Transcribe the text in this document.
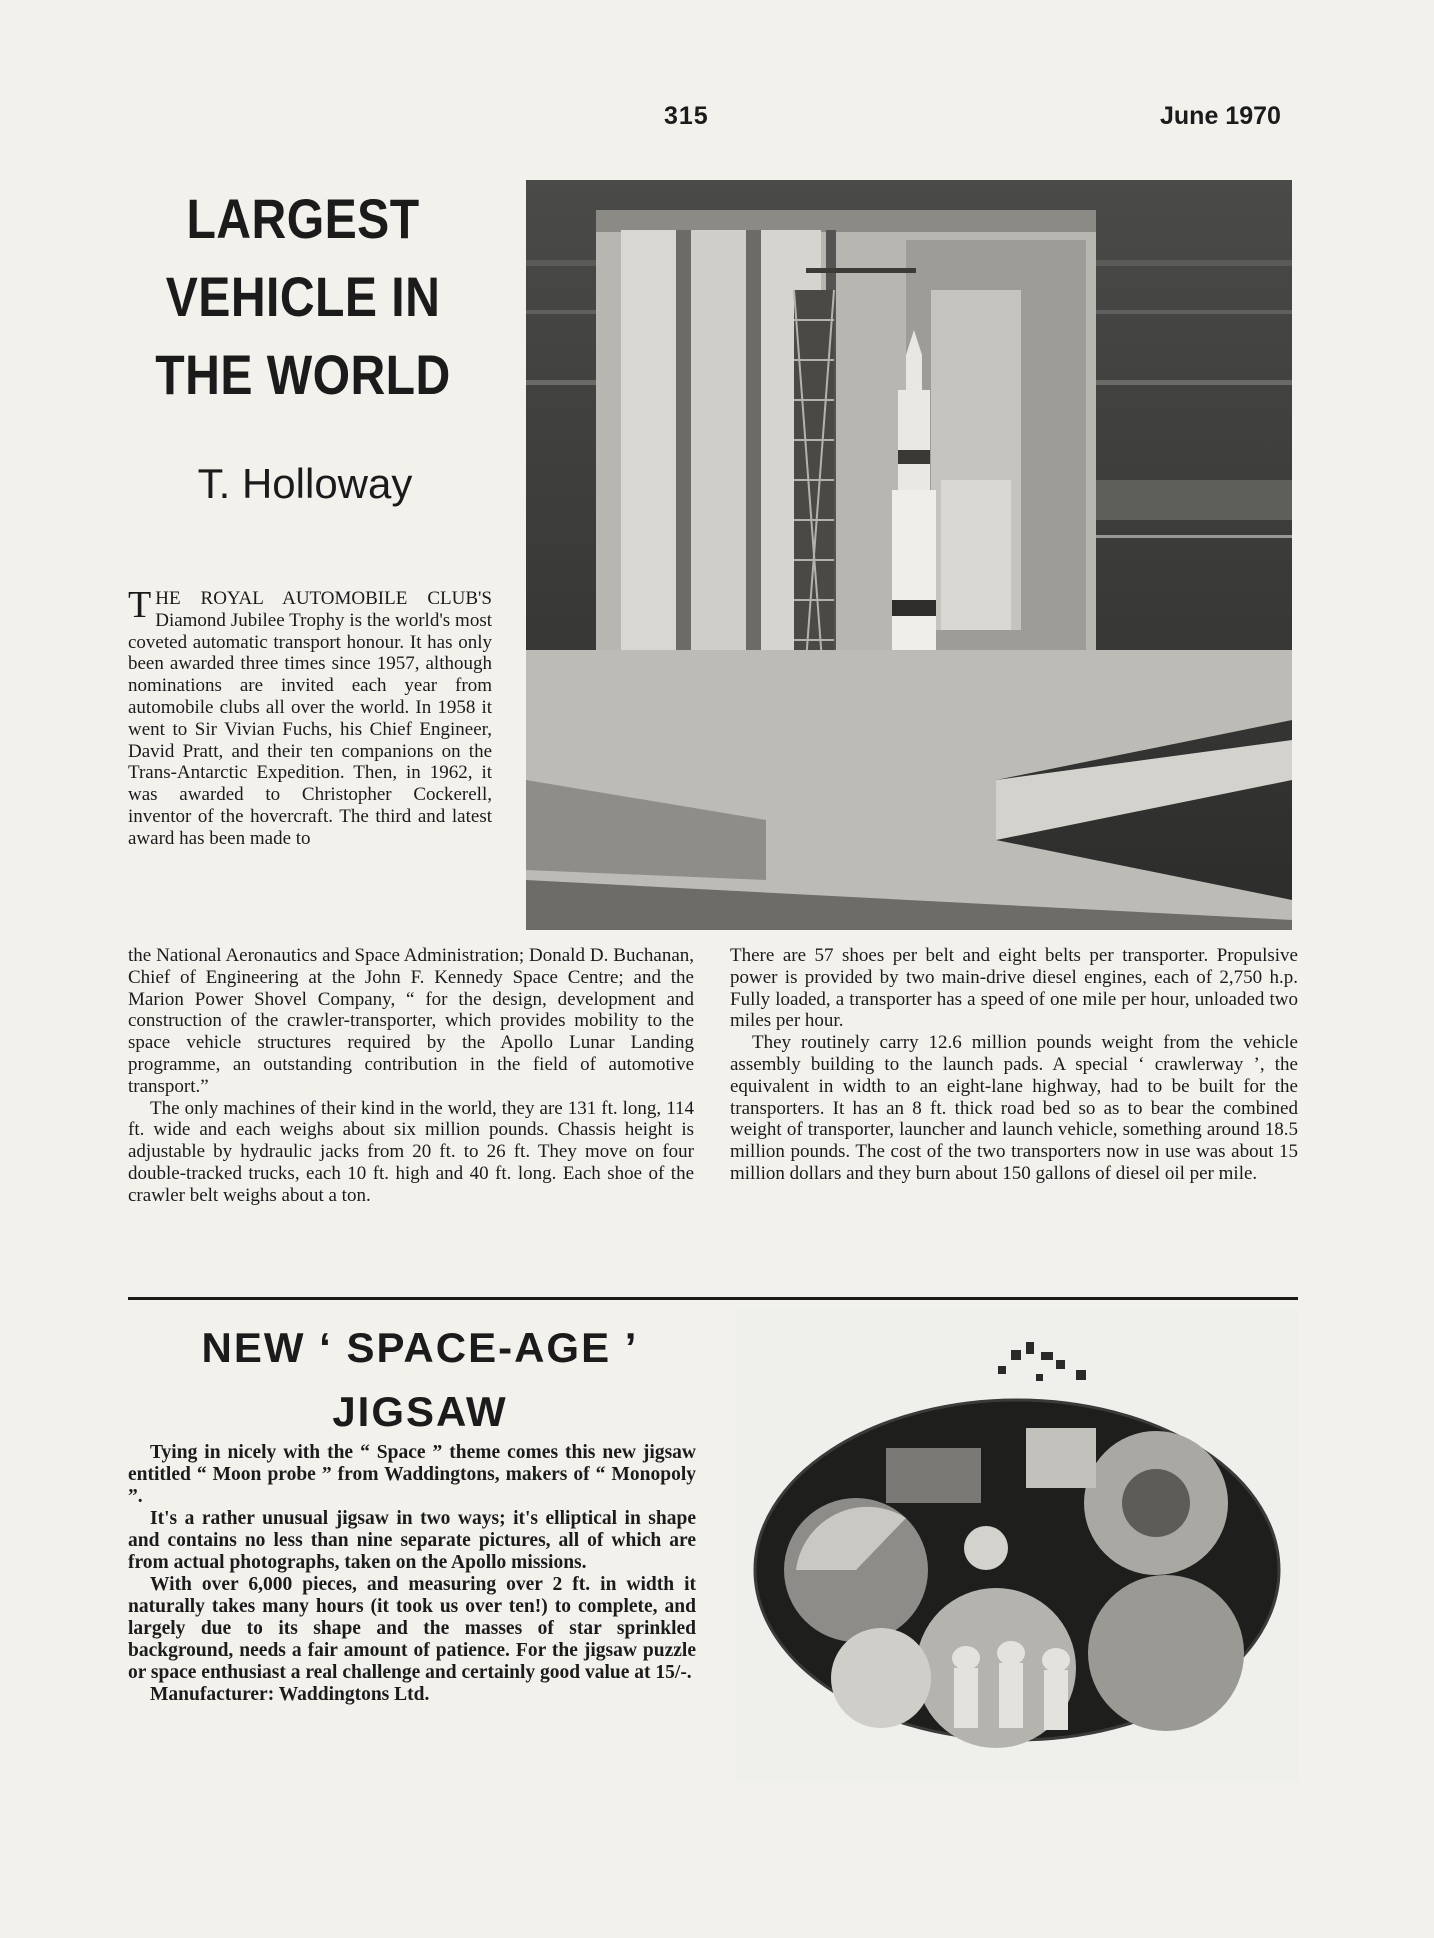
315	June 1970
LARGEST
VEHICLE IN
THE WORLD
T. Holloway

THE ROYAL AUTOMOBILE CLUB'S Diamond Jubilee Trophy is the world's most coveted automatic transport honour. It has only been awarded three times since 1957, although nominations are invited each year from automobile clubs all over the world. In 1958 it went to Sir Vivian Fuchs, his Chief Engineer, David Pratt, and their ten companions on the Trans-Antarctic Expedition. Then, in 1962, it was awarded to Christopher Cockerell, inventor of the hovercraft. The third and latest award has been made to

the National Aeronautics and Space Administration; Donald D. Buchanan, Chief of Engineering at the John F. Kennedy Space Centre; and the Marion Power Shovel Company, “ for the design, development and construction of the crawler-transporter, which provides mobility to the space vehicle structures required by the Apollo Lunar Landing programme, an outstanding contribution in the field of automotive transport.”

The only machines of their kind in the world, they are 131 ft. long, 114 ft. wide and each weighs about six million pounds. Chassis height is adjustable by hydraulic jacks from 20 ft. to 26 ft. They move on four double-tracked trucks, each 10 ft. high and 40 ft. long. Each shoe of the crawler belt weighs about a ton.

There are 57 shoes per belt and eight belts per transporter. Propulsive power is provided by two main-drive diesel engines, each of 2,750 h.p. Fully loaded, a transporter has a speed of one mile per hour, unloaded two miles per hour.

They routinely carry 12.6 million pounds weight from the vehicle assembly building to the launch pads. A special ‘ crawlerway ’, the equivalent in width to an eight-lane highway, had to be built for the transporters. It has an 8 ft. thick road bed so as to bear the combined weight of transporter, launcher and launch vehicle, something around 18.5 million pounds. The cost of the two transporters now in use was about 15 million dollars and they burn about 150 gallons of diesel oil per mile.

NEW ‘ SPACE-AGE ’
JIGSAW

Tying in nicely with the “ Space ” theme comes this new jigsaw entitled “ Moon probe ” from Waddingtons, makers of “ Monopoly ”.

It's a rather unusual jigsaw in two ways; it's elliptical in shape and contains no less than nine separate pictures, all of which are from actual photographs, taken on the Apollo missions.

With over 6,000 pieces, and measuring over 2 ft. in width it naturally takes many hours (it took us over ten!) to complete, and largely due to its shape and the masses of star sprinkled background, needs a fair amount of patience. For the jigsaw puzzle or space enthusiast a real challenge and certainly good value at 15/-.

Manufacturer: Waddingtons Ltd.
